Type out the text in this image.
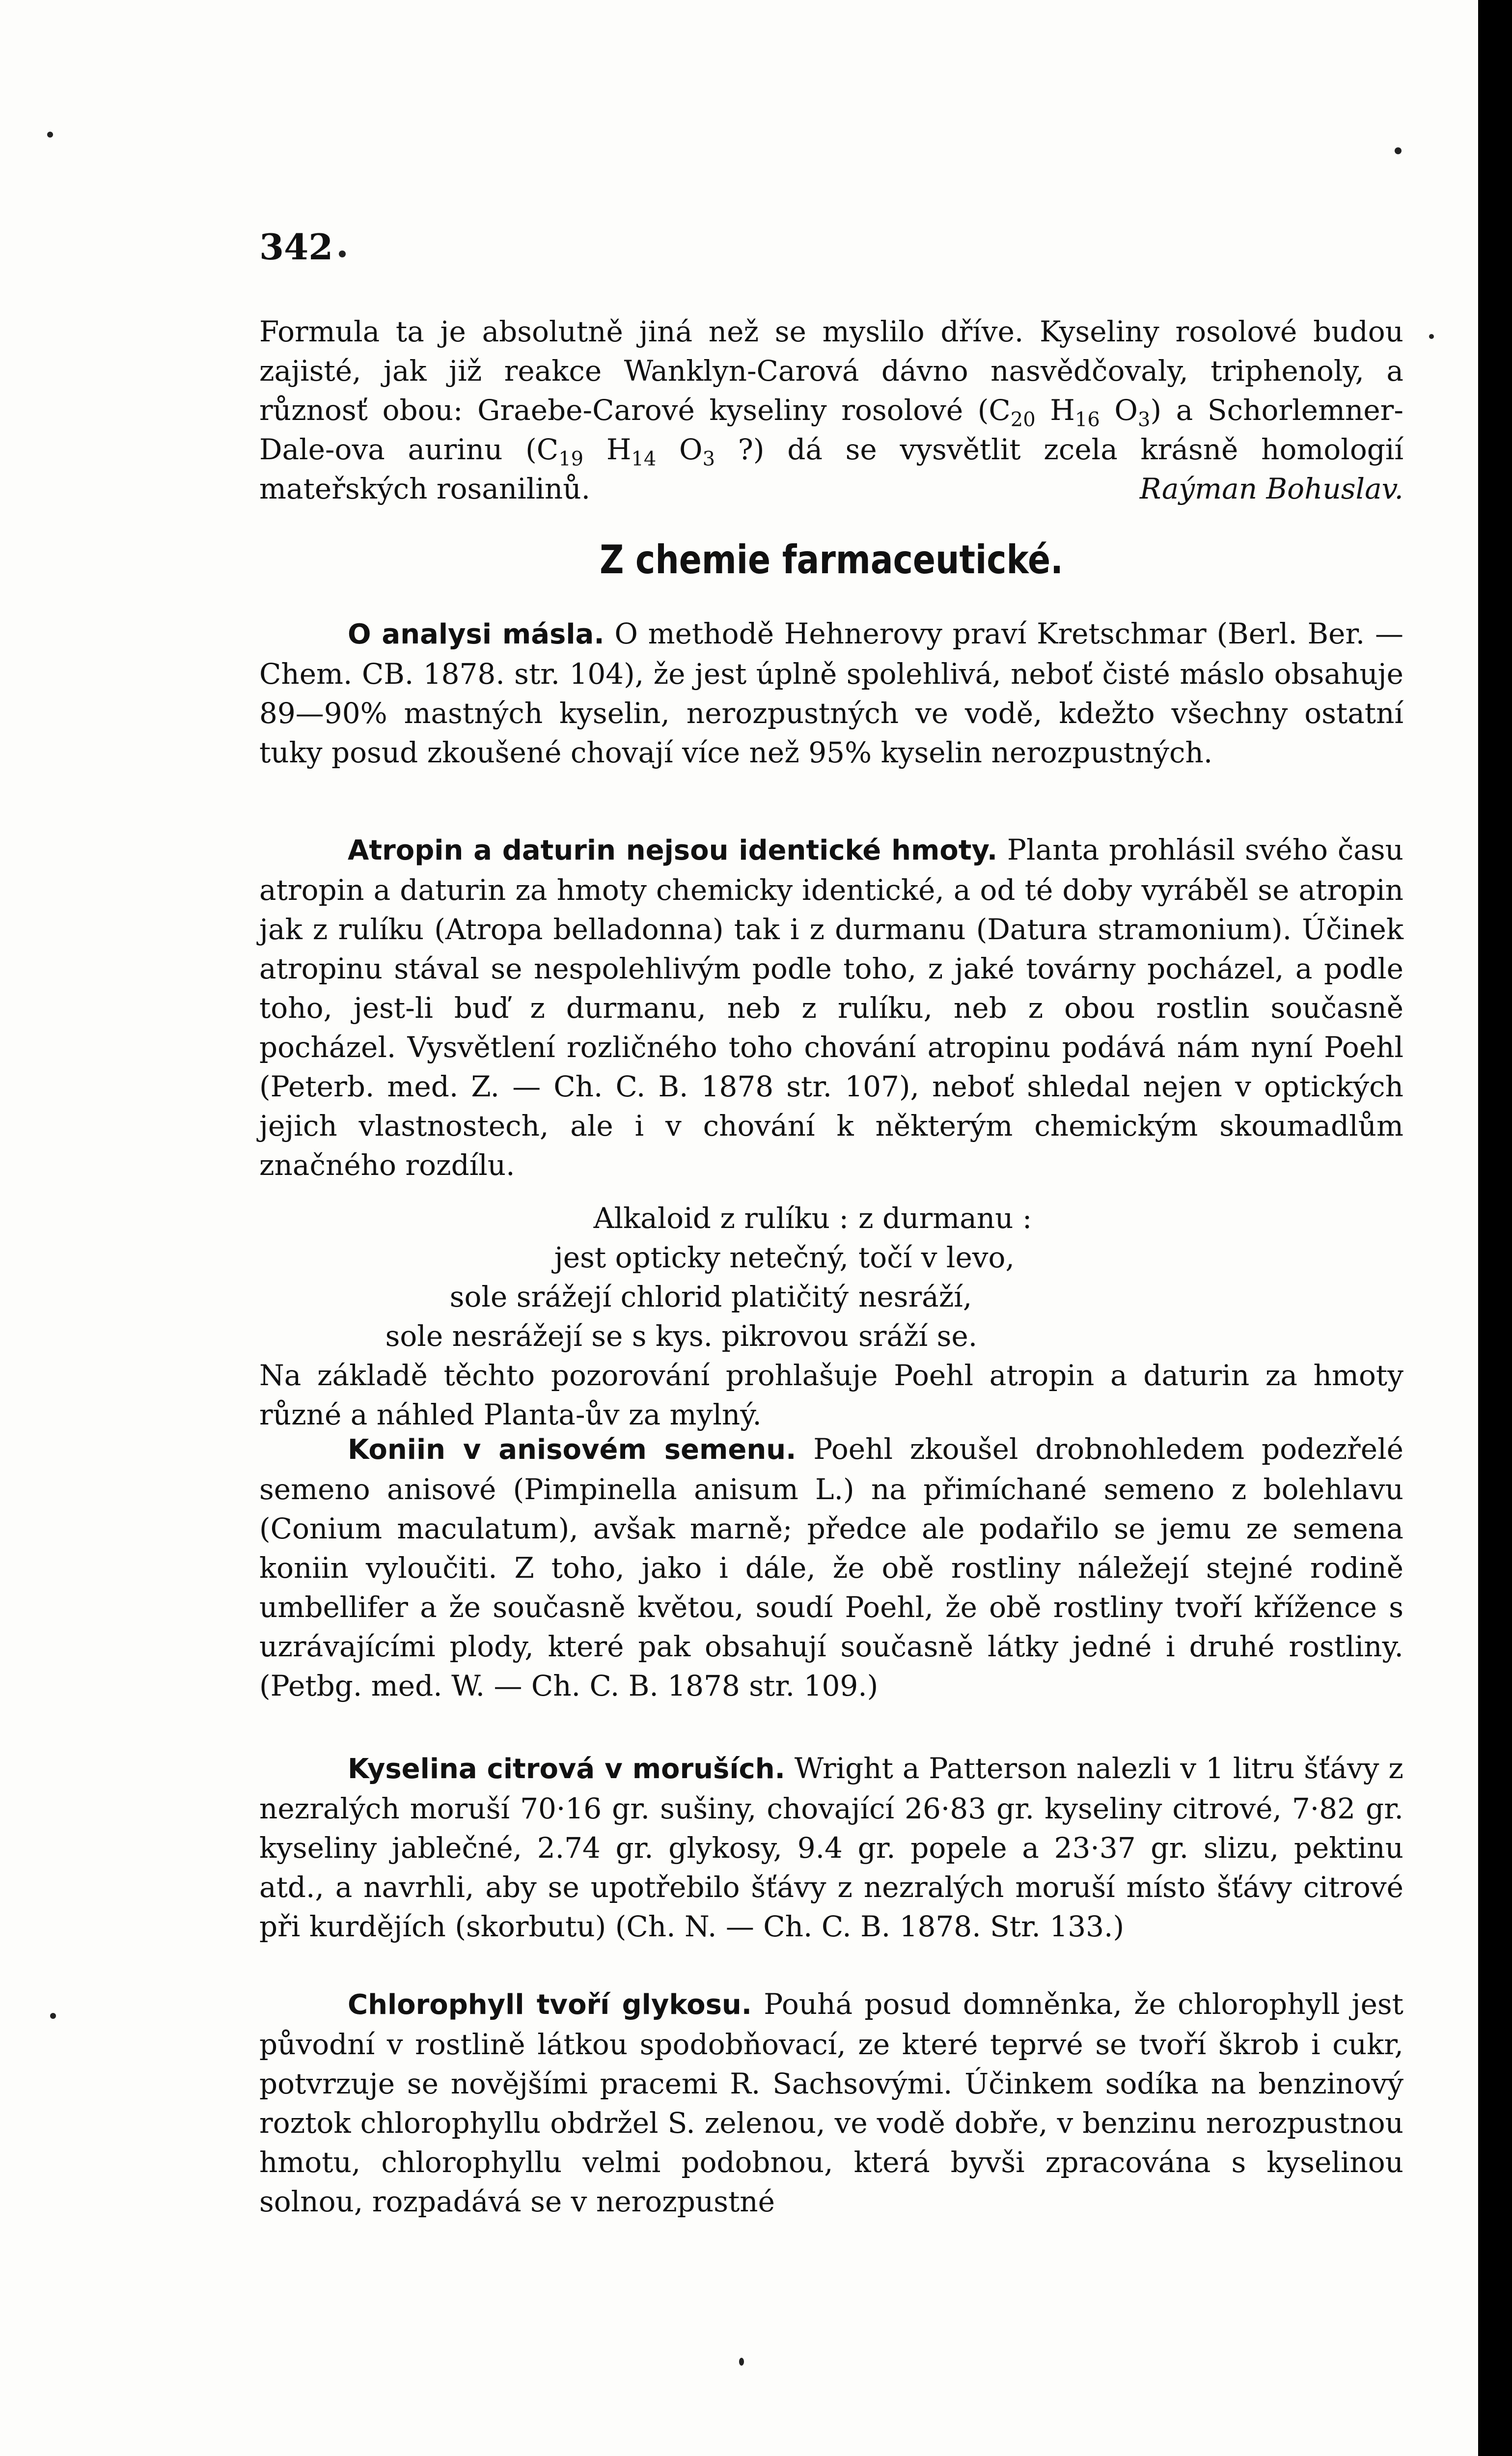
342

Formula ta je absolutně jiná než se myslilo dříve. Kyseliny rosolové budou zajisté, jak již reakce Wanklyn-Carová dávno nasvědčovaly, triphenoly, a různosť obou: Graebe-Carové kyseliny rosolové ($C_{20}$ $H_{16}$ $O_3$) a Schorlemner-Dale-ova aurinu ($C_{19}$ $H_{14}$ $O_3$ ?) dá se vysvětlit zcela krásně homologií mateřských rosanilinů.	Raýman Bohuslav.

Z chemie farmaceutické.

O analysi másla. O methodě Hehnerovy praví Kretschmar (Berl. Ber. — Chem. CB. 1878. str. 104), že jest úplně spolehlivá, neboť čisté máslo obsahuje 89—90% mastných kyselin, nerozpustných ve vodě, kdežto všechny ostatní tuky posud zkoušené chovají více než 95% kyselin nerozpustných.

Atropin a daturin nejsou identické hmoty. Planta prohlásil svého času atropin a daturin za hmoty chemicky identické, a od té doby vyráběl se atropin jak z rulíku (Atropa belladonna) tak i z durmanu (Datura stramonium). Účinek atropinu stával se nespolehlivým podle toho, z jaké továrny pocházel, a podle toho, jest-li buď z durmanu, neb z rulíku, neb z obou rostlin současně pocházel. Vysvětlení rozličného toho chování atropinu podává nám nyní Poehl (Peterb. med. Z. — Ch. C. B. 1878 str. 107), neboť shledal nejen v optických jejich vlastnostech, ale i v chování k některým chemickým skoumadlům značného rozdílu.

Alkaloid z rulíku : z durmanu :
jest opticky netečný, točí v levo,
sole srážejí chlorid platičitý nesráží,
sole nesrážejí se s kys. pikrovou sráží se.

Na základě těchto pozorování prohlašuje Poehl atropin a daturin za hmoty různé a náhled Planta-ův za mylný.

Koniin v anisovém semenu. Poehl zkoušel drobnohledem podezřelé semeno anisové (Pimpinella anisum L.) na přimíchané semeno z bolehlavu (Conium maculatum), avšak marně; předce ale podařilo se jemu ze semena koniin vyloučiti. Z toho, jako i dále, že obě rostliny náležejí stejné rodině umbellifer a že současně květou, soudí Poehl, že obě rostliny tvoří křížence s uzrávajícími plody, které pak obsahují současně látky jedné i druhé rostliny. (Petbg. med. W. — Ch. C. B. 1878 str. 109.)

Kyselina citrová v moruších. Wright a Patterson nalezli v 1 litru šťávy z nezralých moruší 70·16 gr. sušiny, chovající 26·83 gr. kyseliny citrové, 7·82 gr. kyseliny jablečné, 2.74 gr. glykosy, 9.4 gr. popele a 23·37 gr. slizu, pektinu atd., a navrhli, aby se upotřebilo šťávy z nezralých moruší místo šťávy citrové při kurdějích (skorbutu) (Ch. N. — Ch. C. B. 1878. Str. 133.)

Chlorophyll tvoří glykosu. Pouhá posud domněnka, že chlorophyll jest původní v rostlině látkou spodobňovací, ze které teprvé se tvoří škrob i cukr, potvrzuje se novějšími pracemi R. Sachsovými. Účinkem sodíka na benzinový roztok chlorophyllu obdržel S. zelenou, ve vodě dobře, v benzinu nerozpustnou hmotu, chlorophyllu velmi podobnou, která byvši zpracována s kyselinou solnou, rozpadává se v nerozpustné
